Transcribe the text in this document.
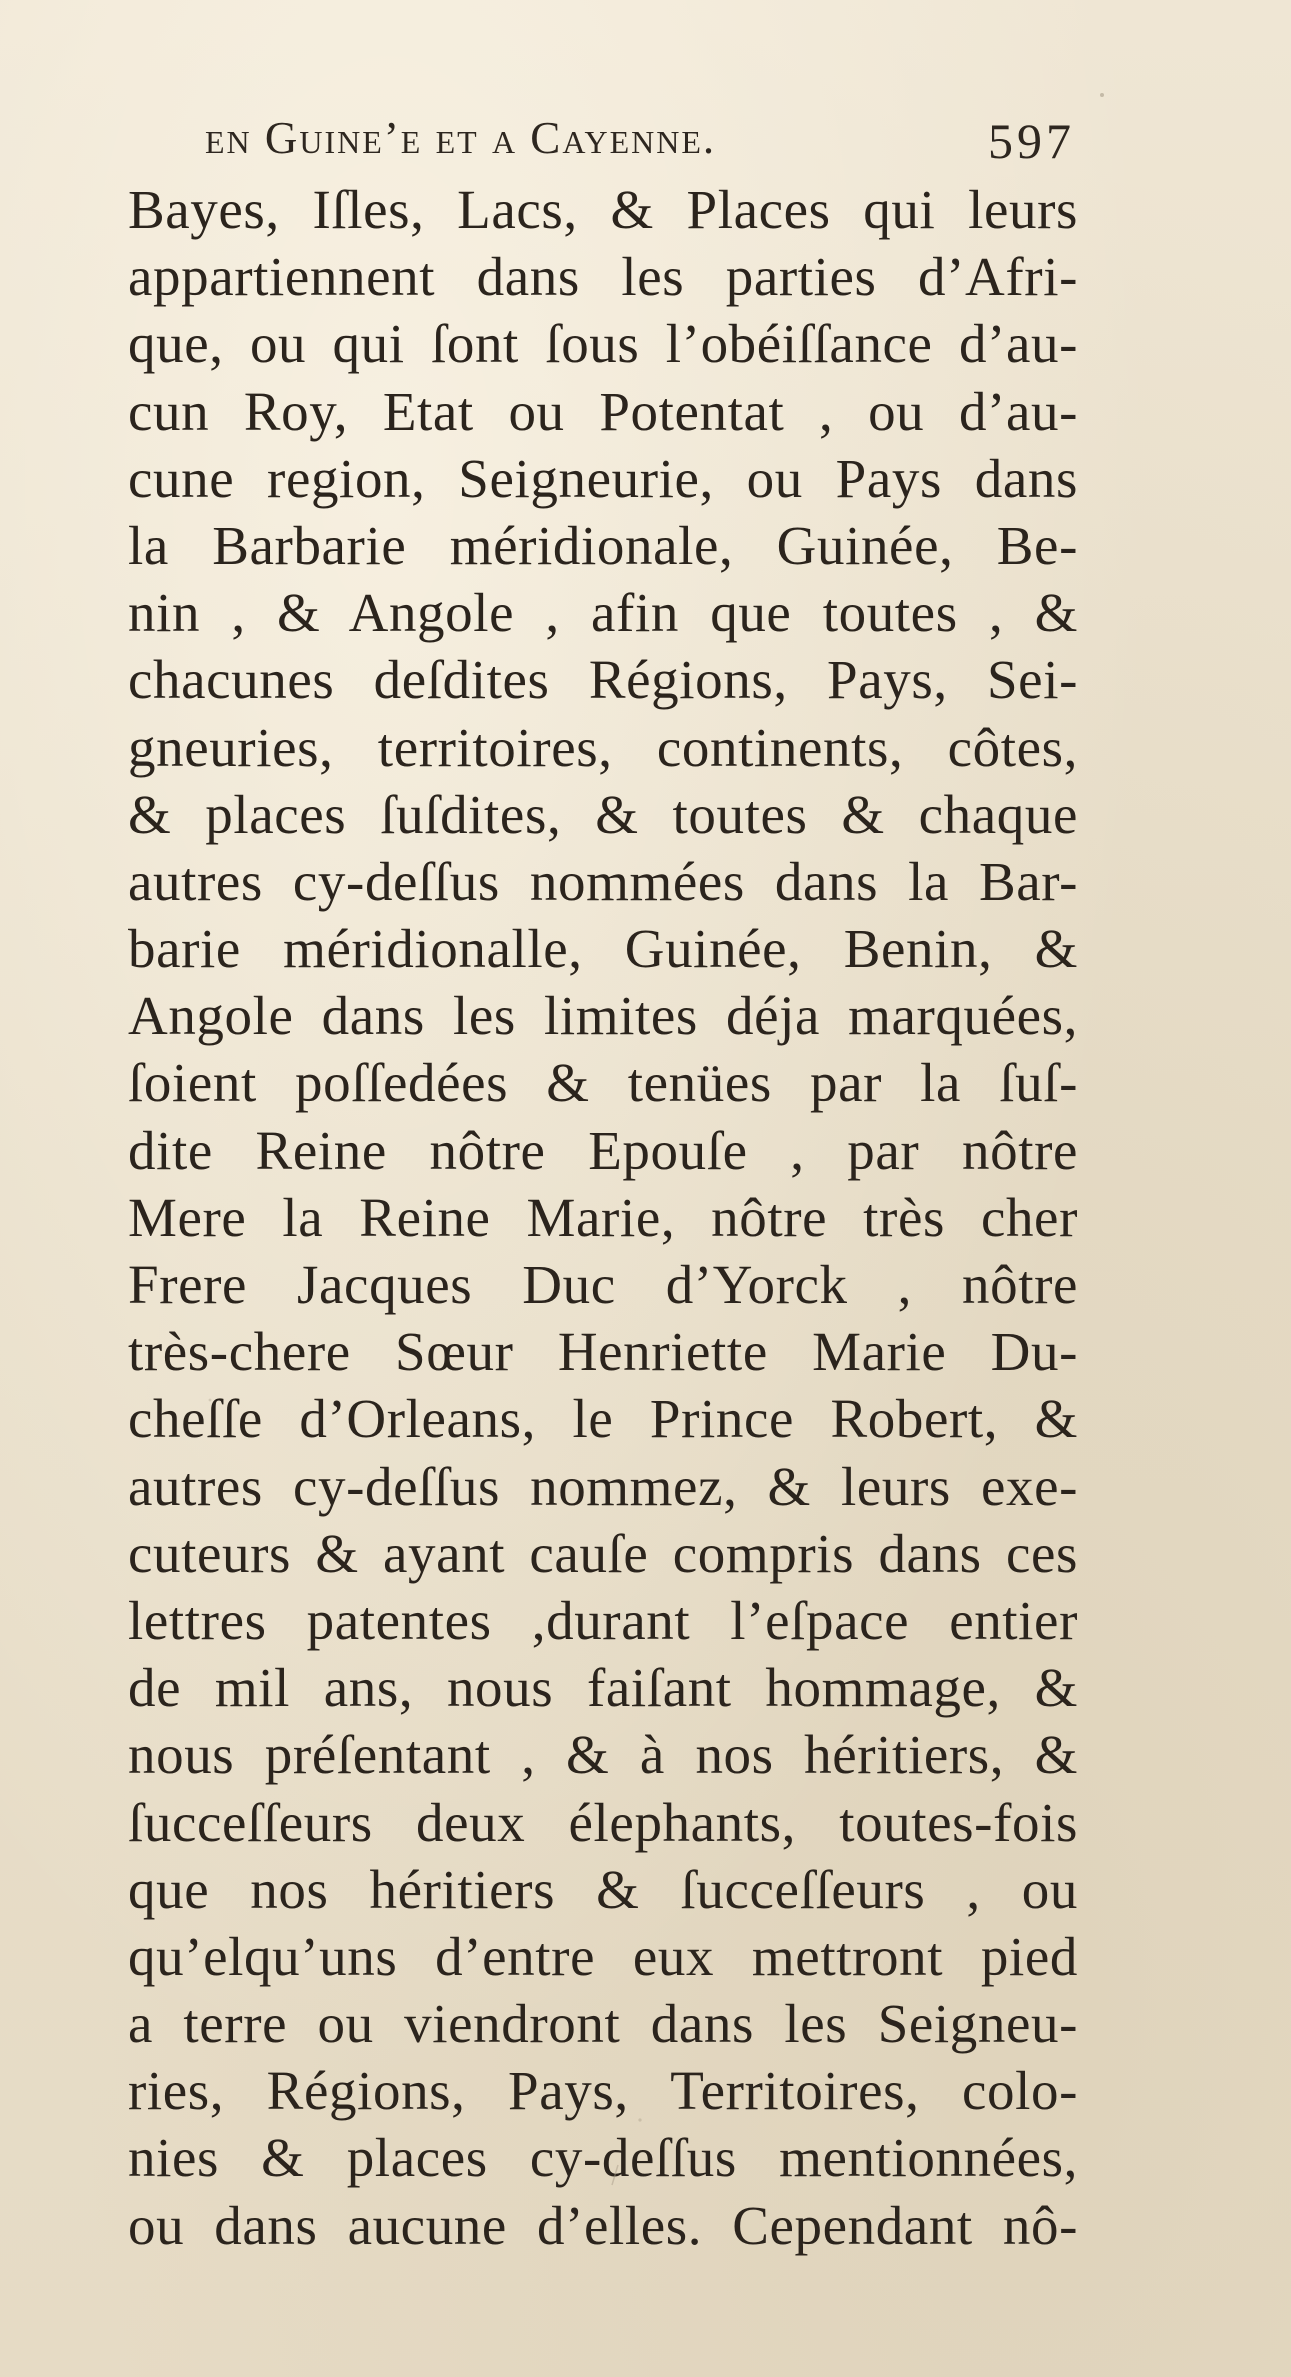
en Guine’e et a Cayenne.	597
Bayes, Iſles, Lacs, & Places qui leurs
appartiennent dans les parties d’Afri-
que, ou qui ſont ſous l’obéiſſance d’au-
cun Roy, Etat ou Potentat , ou d’au-
cune region, Seigneurie, ou Pays dans
la Barbarie méridionale, Guinée, Be-
nin , & Angole , afin que toutes , &
chacunes deſdites Régions, Pays, Sei-
gneuries, territoires, continents, côtes,
& places ſuſdites, & toutes & chaque
autres cy-deſſus nommées dans la Bar-
barie méridionalle, Guinée, Benin, &
Angole dans les limites déja marquées,
ſoient poſſedées & tenües par la ſuſ-
dite Reine nôtre Epouſe , par nôtre
Mere la Reine Marie, nôtre très cher
Frere Jacques Duc d’Yorck , nôtre
très-chere Sœur Henriette Marie Du-
cheſſe d’Orleans, le Prince Robert, &
autres cy-deſſus nommez, & leurs exe-
cuteurs & ayant cauſe compris dans ces
lettres patentes ,durant l’eſpace entier
de mil ans, nous faiſant hommage, &
nous préſentant , & à nos héritiers, &
ſucceſſeurs deux élephants, toutes-fois
que nos héritiers & ſucceſſeurs , ou
qu’elqu’uns d’entre eux mettront pied
a terre ou viendront dans les Seigneu-
ries, Régions, Pays, Territoires, colo-
nies & places cy-deſſus mentionnées,
ou dans aucune d’elles. Cependant nô-
